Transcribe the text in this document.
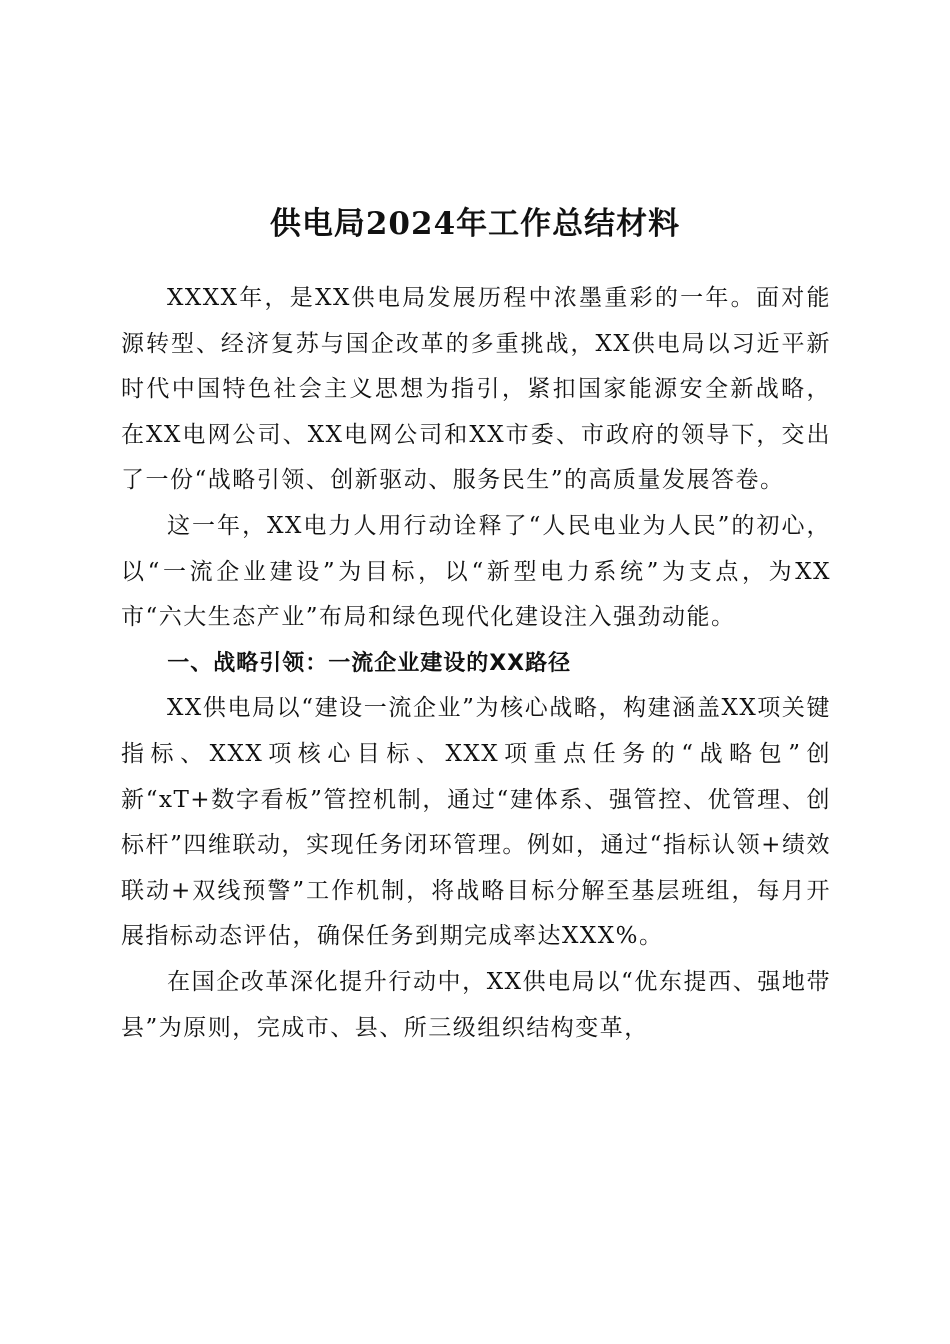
供电局2024年工作总结材料

XXXX年，是XX供电局发展历程中浓墨重彩的一年。面对能源转型、经济复苏与国企改革的多重挑战，XX供电局以习近平新时代中国特色社会主义思想为指引，紧扣国家能源安全新战略，在XX电网公司、XX电网公司和XX市委、市政府的领导下，交出了一份“战略引领、创新驱动、服务民生”的高质量发展答卷。

这一年，XX电力人用行动诠释了“人民电业为人民”的初心，以“一流企业建设”为目标，以“新型电力系统”为支点，为XX市“六大生态产业”布局和绿色现代化建设注入强劲动能。

一、战略引领：一流企业建设的XX路径

XX供电局以“建设一流企业”为核心战略，构建涵盖XX项关键指标、XXX项核心目标、XXX项重点任务的“战略包”创新“xT+数字看板”管控机制，通过“建体系、强管控、优管理、创标杆”四维联动，实现任务闭环管理。例如，通过“指标认领+绩效联动+双线预警”工作机制，将战略目标分解至基层班组，每月开展指标动态评估，确保任务到期完成率达XXX%。

在国企改革深化提升行动中，XX供电局以“优东提西、强地带县”为原则，完成市、县、所三级组织结构变革，
